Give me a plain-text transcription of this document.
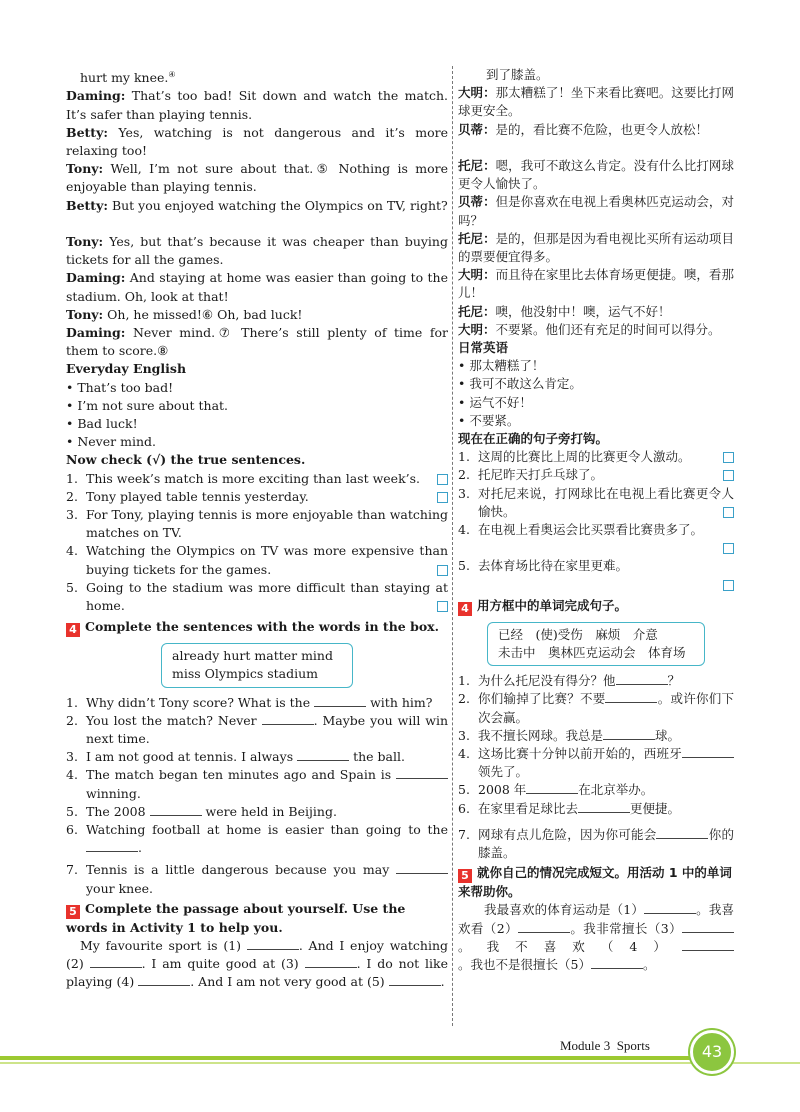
hurt my knee.④
Daming: That’s too bad! Sit down and watch the match. It’s safer than playing tennis.
Betty: Yes, watching is not dangerous and it’s more relaxing too!
Tony: Well, I’m not sure about that.⑤ Nothing is more enjoyable than playing tennis.
Betty: But you enjoyed watching the Olympics on TV, right?
Tony: Yes, but that’s because it was cheaper than buying tickets for all the games.
Daming: And staying at home was easier than going to the stadium. Oh, look at that!
Tony: Oh, he missed!⑥ Oh, bad luck!
Daming: Never mind.⑦ There’s still plenty of time for them to score.⑧
Everyday English
• That’s too bad!
• I’m not sure about that.
• Bad luck!
• Never mind.
Now check (√) the true sentences.
1. This week’s match is more exciting than last week’s.
2. Tony played table tennis yesterday.
3. For Tony, playing tennis is more enjoyable than watching matches on TV.
4. Watching the Olympics on TV was more expensive than buying tickets for the games.
5. Going to the stadium was more difficult than staying at home.
4 Complete the sentences with the words in the box.
already hurt matter mind
miss Olympics stadium
1. Why didn’t Tony score? What is the	with him?
2. You lost the match? Never	. Maybe you will win next time.
3. I am not good at tennis. I always	the ball.
4. The match began ten minutes ago and Spain is  winning.
5. The 2008	were held in Beijing.
6. Watching football at home is easier than going to the .
7. Tennis is a little dangerous because you may  your knee.
5 Complete the passage about yourself. Use the words in Activity 1 to help you.
My favourite sport is (1)	. And I enjoy watching (2)	. I am quite good at (3)	. I do not like playing (4)	. And I am not very good at (5)	.
到了膝盖。
大明：那太糟糕了！坐下来看比赛吧。这要比打网球更安全。
贝蒂：是的，看比赛不危险，也更令人放松！
托尼：嗯，我可不敢这么肯定。没有什么比打网球更令人愉快了。
贝蒂：但是你喜欢在电视上看奥林匹克运动会，对吗？
托尼：是的，但那是因为看电视比买所有运动项目的票要便宜得多。
大明：而且待在家里比去体育场更便捷。噢，看那儿！
托尼：噢，他没射中！噢，运气不好！
大明：不要紧。他们还有充足的时间可以得分。
日常英语
• 那太糟糕了！
• 我可不敢这么肯定。
• 运气不好！
• 不要紧。
现在在正确的句子旁打钩。
1. 这周的比赛比上周的比赛更令人激动。
2. 托尼昨天打乒乓球了。
3. 对托尼来说，打网球比在电视上看比赛更令人愉快。
4. 在电视上看奥运会比买票看比赛贵多了。
5. 去体育场比待在家里更难。
4 用方框中的单词完成句子。
已经　(使)受伤　麻烦　介意
未击中　奥林匹克运动会　体育场
1. 为什么托尼没有得分？他	？
2. 你们输掉了比赛？不要	。或许你们下次会赢。
3. 我不擅长网球。我总是	球。
4. 这场比赛十分钟以前开始的，西班牙领先了。
5. 2008 年	在北京举办。
6. 在家里看足球比去	更便捷。
7. 网球有点儿危险，因为你可能会	你的膝盖。
5 就你自己的情况完成短文。用活动 1 中的单词来帮助你。
我最喜欢的体育运动是（1）	。我喜欢看（2）	。我非常擅长（3）。我不喜欢（4）。我也不是很擅长（5）	。
Module 3 Sports	43
